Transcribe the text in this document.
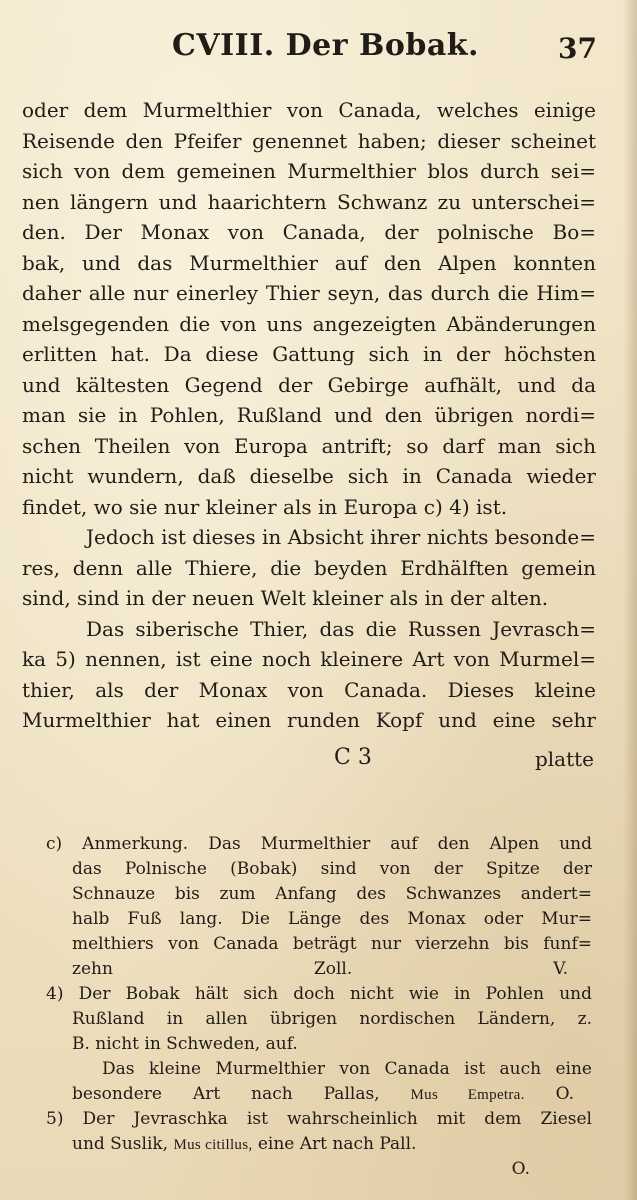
CVIII. Der Bobak.	37
oder dem Murmelthier von Canada, welches einige
Reisende den Pfeifer genennet haben; dieser scheinet
sich von dem gemeinen Murmelthier blos durch sei=
nen längern und haarichtern Schwanz zu unterschei=
den. Der Monax von Canada, der polnische Bo=
bak, und das Murmelthier auf den Alpen konnten
daher alle nur einerley Thier seyn, das durch die Him=
melsgegenden die von uns angezeigten Abänderungen
erlitten hat. Da diese Gattung sich in der höchsten
und kältesten Gegend der Gebirge aufhält, und da
man sie in Pohlen, Rußland und den übrigen nordi=
schen Theilen von Europa antrift; so darf man sich
nicht wundern, daß dieselbe sich in Canada wieder
findet, wo sie nur kleiner als in Europa c) 4) ist.
Jedoch ist dieses in Absicht ihrer nichts besonde=
res, denn alle Thiere, die beyden Erdhälften gemein
sind, sind in der neuen Welt kleiner als in der alten.
Das siberische Thier, das die Russen Jevrasch=
ka 5) nennen, ist eine noch kleinere Art von Murmel=
thier, als der Monax von Canada. Dieses kleine
Murmelthier hat einen runden Kopf und eine sehr
C 3	platte
c) Anmerkung. Das Murmelthier auf den Alpen und
das Polnische (Bobak) sind von der Spitze der
Schnauze bis zum Anfang des Schwanzes andert=
halb Fuß lang. Die Länge des Monax oder Mur=
melthiers von Canada beträgt nur vierzehn bis funf=
zehn Zoll.	V.
4) Der Bobak hält sich doch nicht wie in Pohlen und
Rußland in allen übrigen nordischen Ländern, z.
B. nicht in Schweden, auf.
Das kleine Murmelthier von Canada ist auch eine
besondere Art nach Pallas, Mus Empetra. O.
5) Der Jevraschka ist wahrscheinlich mit dem Ziesel
und Suslik, Mus citillus, eine Art nach Pall.
O.
